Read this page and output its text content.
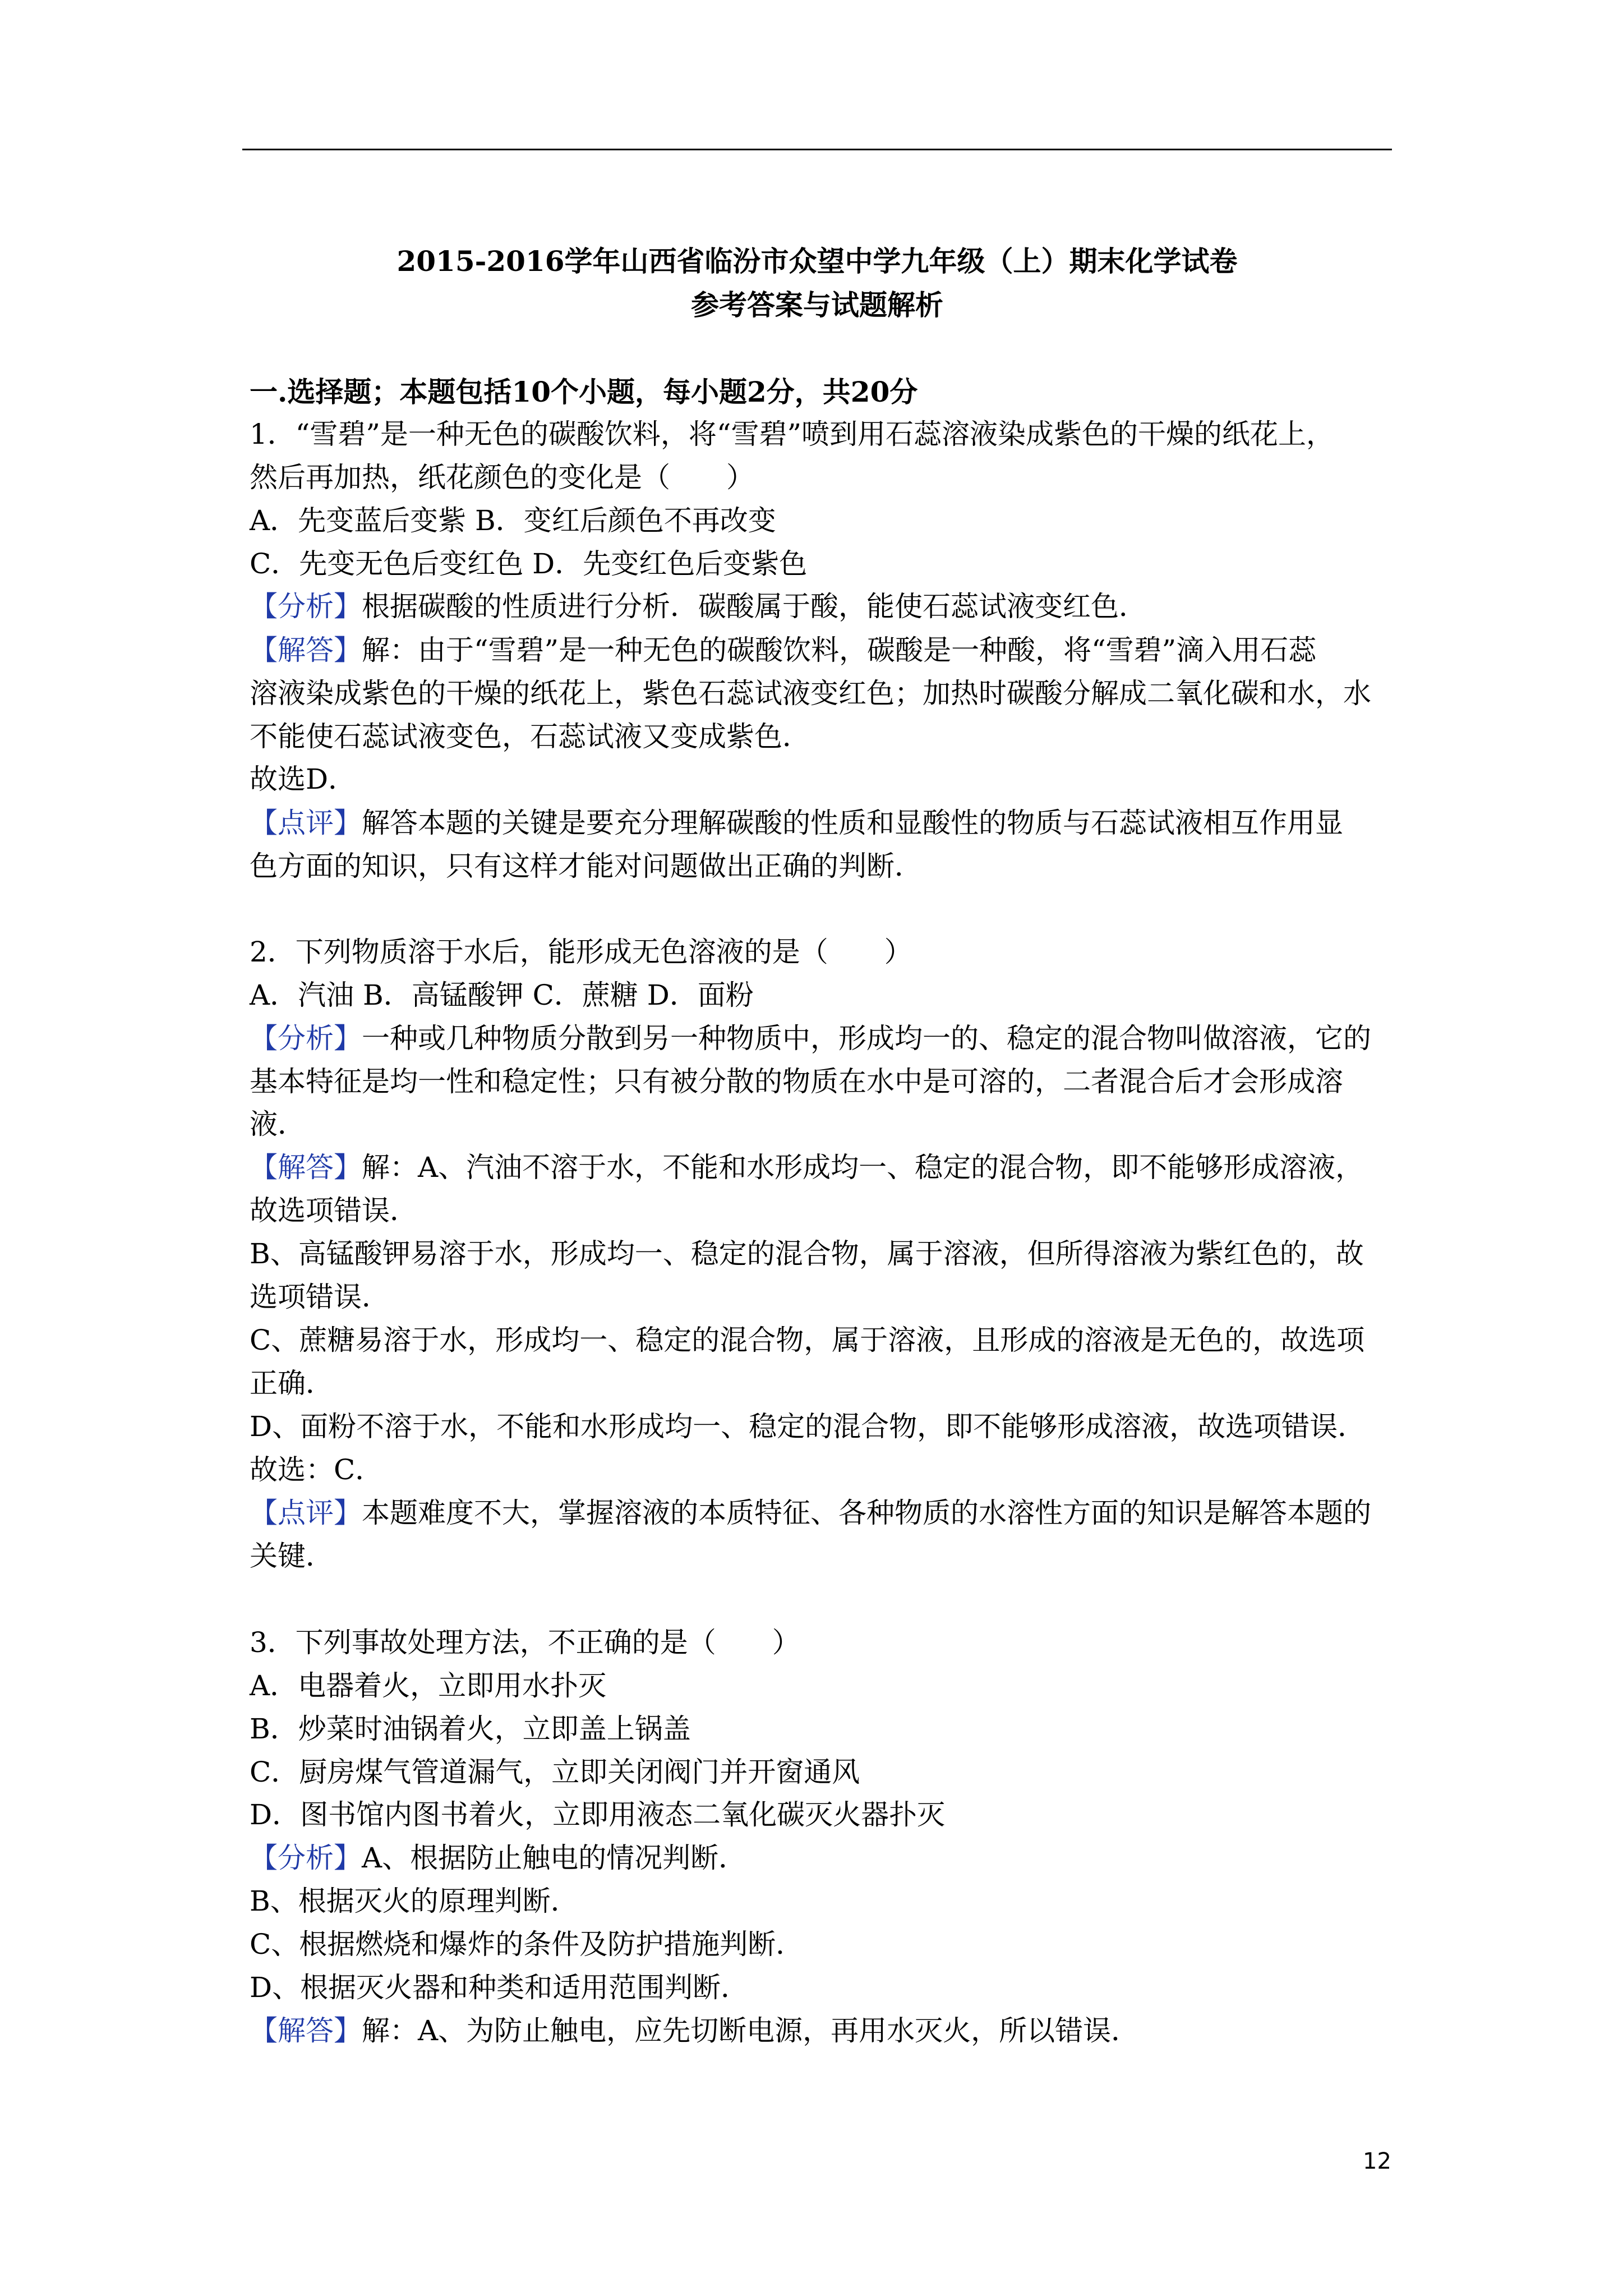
2015-2016学年山西省临汾市众望中学九年级（上）期末化学试卷
参考答案与试题解析
一.选择题；本题包括10个小题，每小题2分，共20分
1．“雪碧”是一种无色的碳酸饮料，将“雪碧”喷到用石蕊溶液染成紫色的干燥的纸花上，
然后再加热，纸花颜色的变化是（　　）
A．先变蓝后变紫 B．变红后颜色不再改变
C．先变无色后变红色 D．先变红色后变紫色
【分析】根据碳酸的性质进行分析．碳酸属于酸，能使石蕊试液变红色．
【解答】解：由于“雪碧”是一种无色的碳酸饮料，碳酸是一种酸，将“雪碧”滴入用石蕊
溶液染成紫色的干燥的纸花上，紫色石蕊试液变红色；加热时碳酸分解成二氧化碳和水，水
不能使石蕊试液变色，石蕊试液又变成紫色．
故选D．
【点评】解答本题的关键是要充分理解碳酸的性质和显酸性的物质与石蕊试液相互作用显
色方面的知识，只有这样才能对问题做出正确的判断．
2．下列物质溶于水后，能形成无色溶液的是（　　）
A．汽油 B．高锰酸钾 C．蔗糖 D．面粉
【分析】一种或几种物质分散到另一种物质中，形成均一的、稳定的混合物叫做溶液，它的
基本特征是均一性和稳定性；只有被分散的物质在水中是可溶的，二者混合后才会形成溶
液．
【解答】解：A、汽油不溶于水，不能和水形成均一、稳定的混合物，即不能够形成溶液，
故选项错误．
B、高锰酸钾易溶于水，形成均一、稳定的混合物，属于溶液，但所得溶液为紫红色的，故
选项错误．
C、蔗糖易溶于水，形成均一、稳定的混合物，属于溶液，且形成的溶液是无色的，故选项
正确．
D、面粉不溶于水，不能和水形成均一、稳定的混合物，即不能够形成溶液，故选项错误．
故选：C．
【点评】本题难度不大，掌握溶液的本质特征、各种物质的水溶性方面的知识是解答本题的
关键．
3．下列事故处理方法，不正确的是（　　）
A．电器着火，立即用水扑灭
B．炒菜时油锅着火，立即盖上锅盖
C．厨房煤气管道漏气，立即关闭阀门并开窗通风
D．图书馆内图书着火，立即用液态二氧化碳灭火器扑灭
【分析】A、根据防止触电的情况判断．
B、根据灭火的原理判断．
C、根据燃烧和爆炸的条件及防护措施判断．
D、根据灭火器和种类和适用范围判断．
【解答】解：A、为防止触电，应先切断电源，再用水灭火，所以错误．
12
